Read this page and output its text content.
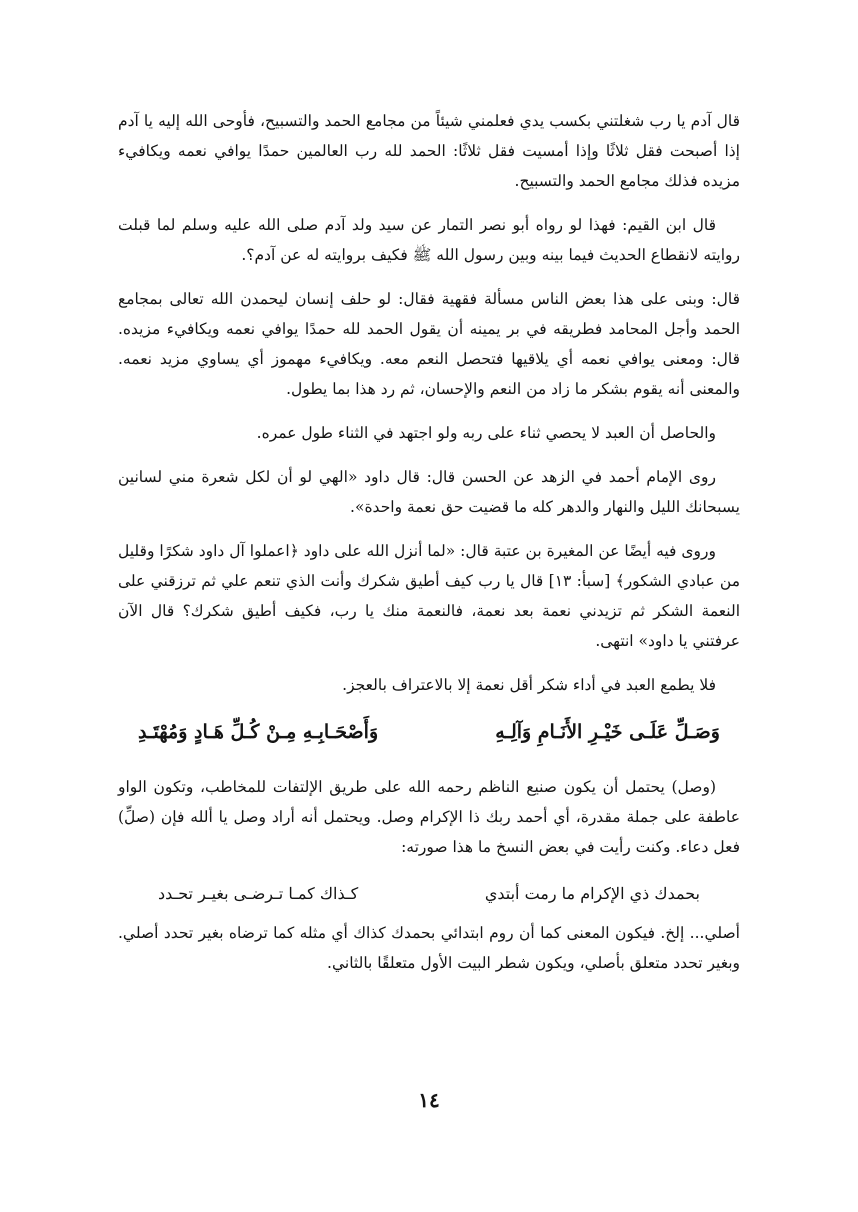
قال آدم يا رب شغلتني بكسب يدي فعلمني شيئاً من مجامع الحمد والتسبيح، فأوحى الله إليه يا آدم إذا أصبحت فقل ثلاثًا وإذا أمسيت فقل ثلاثًا: الحمد لله رب العالمين حمدًا يوافي نعمه ويكافيء مزيده فذلك مجامع الحمد والتسبيح.

قال ابن القيم: فهذا لو رواه أبو نصر التمار عن سيد ولد آدم صلى الله عليه وسلم لما قبلت روايته لانقطاع الحديث فيما بينه وبين رسول الله ﷺ فكيف بروايته له عن آدم؟.

قال: وبنى على هذا بعض الناس مسألة فقهية فقال: لو حلف إنسان ليحمدن الله تعالى بمجامع الحمد وأجل المحامد فطريقه في بر يمينه أن يقول الحمد لله حمدًا يوافي نعمه ويكافيء مزيده. قال: ومعنى يوافي نعمه أي يلاقيها فتحصل النعم معه. ويكافيء مهموز أي يساوي مزيد نعمه. والمعنى أنه يقوم بشكر ما زاد من النعم والإحسان، ثم رد هذا بما يطول.

والحاصل أن العبد لا يحصي ثناء على ربه ولو اجتهد في الثناء طول عمره.

روى الإمام أحمد في الزهد عن الحسن قال: قال داود «الهي لو أن لكل شعرة مني لسانين يسبحانك الليل والنهار والدهر كله ما قضيت حق نعمة واحدة».

وروى فيه أيضًا عن المغيرة بن عتبة قال: «لما أنزل الله على داود ﴿اعملوا آل داود شكرًا وقليل من عبادي الشكور﴾ [سبأ: ١٣] قال يا رب كيف أطيق شكرك وأنت الذي تنعم علي ثم ترزقني على النعمة الشكر ثم تزيدني نعمة بعد نعمة، فالنعمة منك يا رب، فكيف أطيق شكرك؟ قال الآن عرفتني يا داود» انتهى.

فلا يطمع العبد في أداء شكر أقل نعمة إلا بالاعتراف بالعجز.

وَصَـلِّ عَلَـى خَيْـرِ الأَنَـامِ وَآلِـهِ
وَأَصْحَـابِـهِ مِـنْ كُـلِّ هَـادٍ وَمُهْتَـدِ

(وصل) يحتمل أن يكون صنيع الناظم رحمه الله على طريق الإلتفات للمخاطب، وتكون الواو عاطفة على جملة مقدرة، أي أحمد ربك ذا الإكرام وصل. ويحتمل أنه أراد وصل يا ألله فإن (صلِّ) فعل دعاء. وكنت رأيت في بعض النسخ ما هذا صورته:

بحمدك ذي الإكرام ما رمت أبتدي
كـذاك كمـا تـرضـى بغيـر تحـدد

أصلي... إلخ. فيكون المعنى كما أن روم ابتدائي بحمدك كذاك أي مثله كما ترضاه بغير تحدد أصلي. وبغير تحدد متعلق بأصلي، ويكون شطر البيت الأول متعلقًا بالثاني.

١٤
